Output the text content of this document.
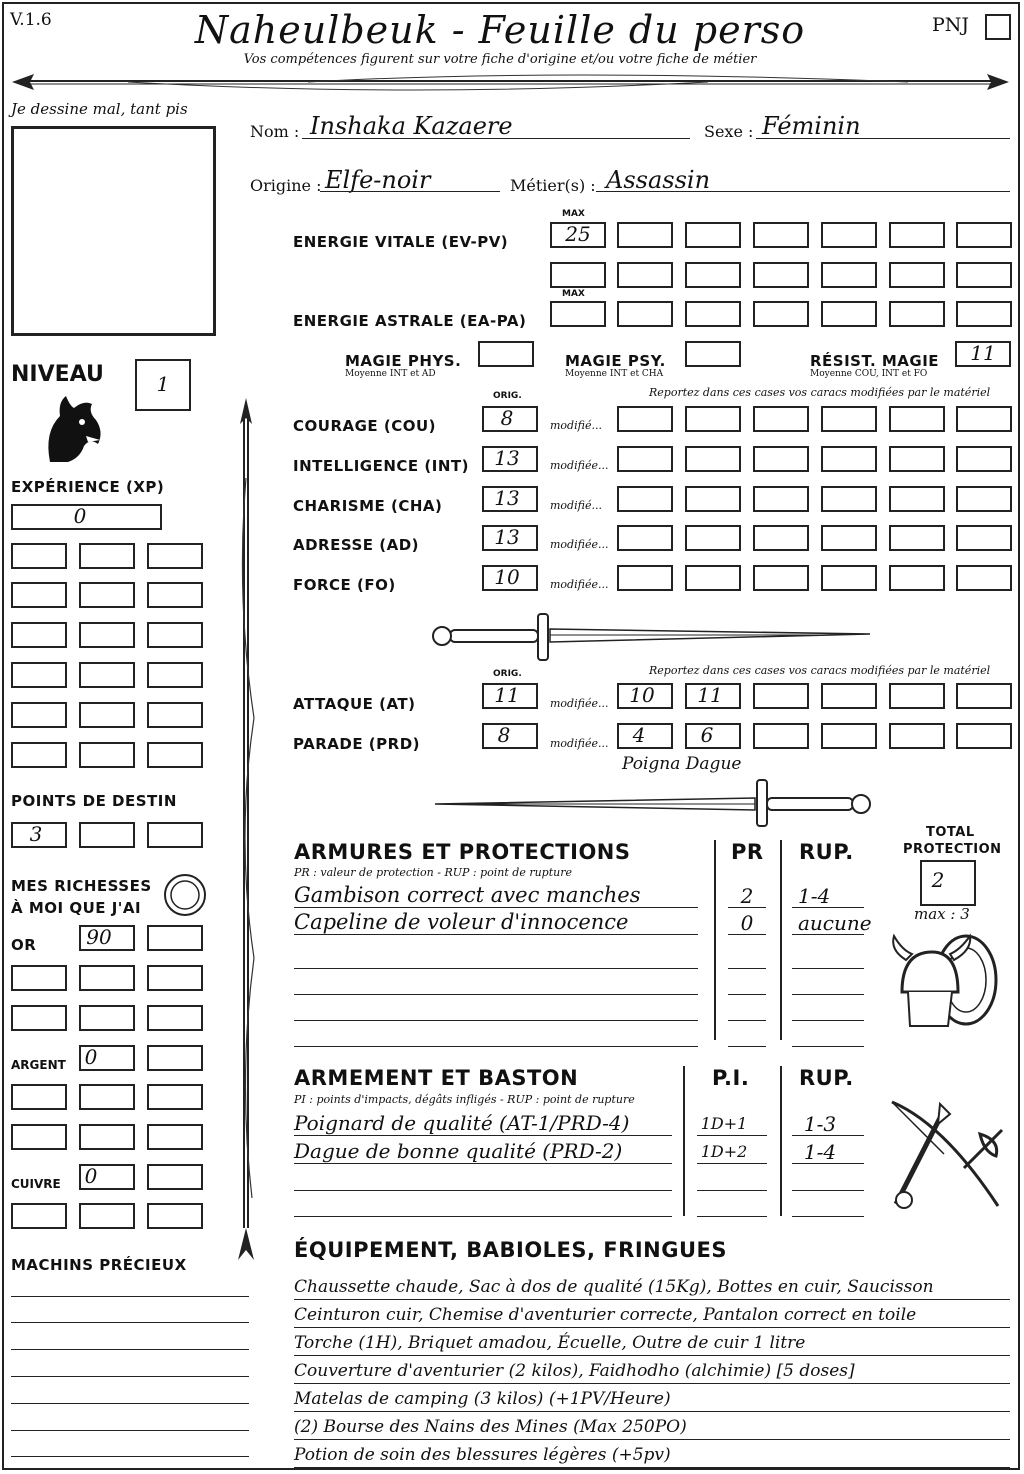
V.1.6	Naheulbeuk - Feuille du perso
Vos compétences figurent sur votre fiche d'origine et/ou votre fiche de métier
PNJ
Je dessine mal, tant pis
Nom : Inshaka Kazaere	Sexe : Féminin
Origine : Elfe-noir	Métier(s) : Assassin
MAX
ENERGIE VITALE (EV-PV)	25
MAX
ENERGIE ASTRALE (EA-PA)
MAGIE PHYS.
Moyenne INT et AD
MAGIE PSY.
Moyenne INT et CHA
RÉSIST. MAGIE
Moyenne COU, INT et FO
11
NIVEAU	1
EXPÉRIENCE (XP)
0
POINTS DE DESTIN
3
MES RICHESSES
À MOI QUE J'AI
OR	90
ARGENT 0
CUIVRE 0
MACHINS PRÉCIEUX
ORIG.	Reportez dans ces cases vos caracs modifiées par le matériel
COURAGE (COU)	8	modifié...
INTELLIGENCE (INT)	13	modifiée...
CHARISME (CHA)	13	modifié...
ADRESSE (AD)	13	modifiée...
FORCE (FO)	10	modifiée...
ORIG.	Reportez dans ces cases vos caracs modifiées par le matériel
ATTAQUE (AT)	11	modifiée...	10	11
PARADE (PRD)	8	modifiée...	4	6
Poigna Dague
ARMURES ET PROTECTIONS
PR : valeur de protection - RUP : point de rupture
PR RUP.
TOTAL
PROTECTION
2
max : 3
Gambison correct avec manches	2	1-4
Capeline de voleur d'innocence	0	aucune
ARMEMENT ET BASTON
PI : points d'impacts, dégâts infligés - RUP : point de rupture
P.I. RUP.
Poignard de qualité (AT-1/PRD-4)	1D+1	1-3
Dague de bonne qualité (PRD-2)	1D+2	1-4
ÉQUIPEMENT, BABIOLES, FRINGUES
Chaussette chaude, Sac à dos de qualité (15Kg), Bottes en cuir, Saucisson
Ceinturon cuir, Chemise d'aventurier correcte, Pantalon correct en toile
Torche (1H), Briquet amadou, Écuelle, Outre de cuir 1 litre
Couverture d'aventurier (2 kilos), Faidhodho (alchimie) [5 doses]
Matelas de camping (3 kilos) (+1PV/Heure)
(2) Bourse des Nains des Mines (Max 250PO)
Potion de soin des blessures légères (+5pv)
